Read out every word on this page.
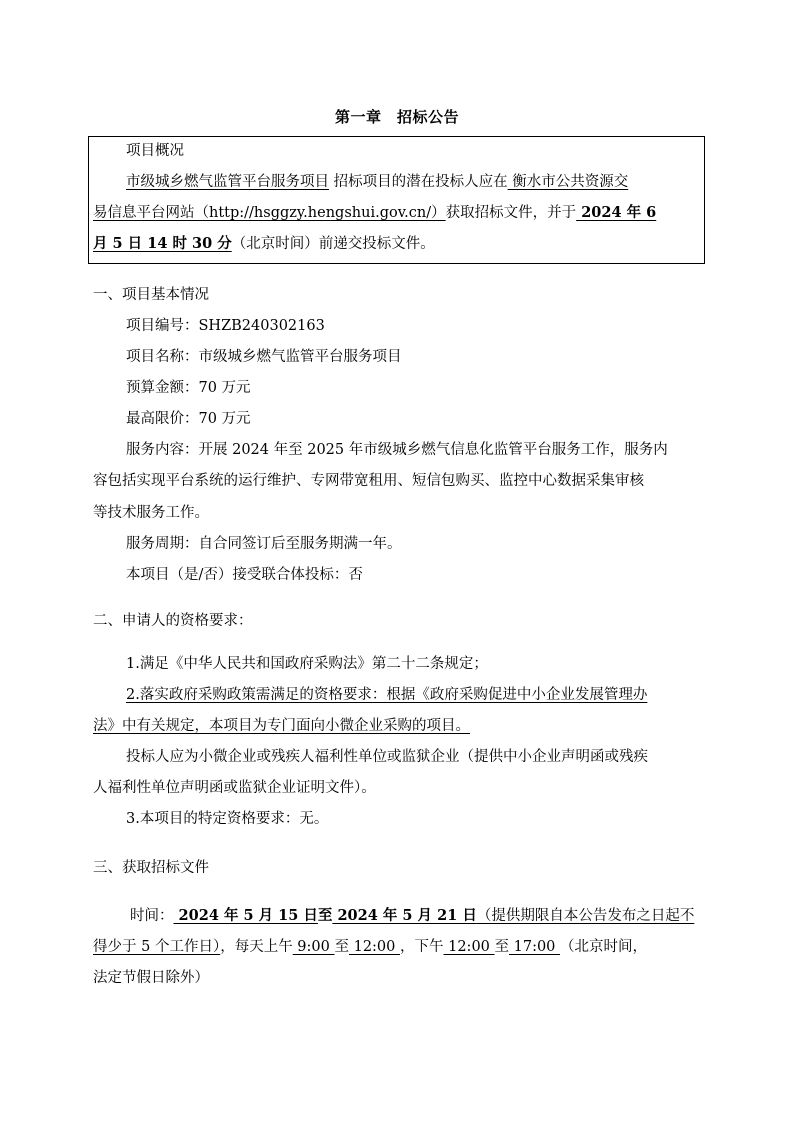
第一章　招标公告
项目概况
市级城乡燃气监管平台服务项目 招标项目的潜在投标人应在 衡水市公共资源交
易信息平台网站（http://hsggzy.hengshui.gov.cn/）获取招标文件，并于 2024 年 6
月 5 日 14 时 30 分（北京时间）前递交投标文件。
一、项目基本情况
项目编号：SHZB240302163
项目名称：市级城乡燃气监管平台服务项目
预算金额：70 万元
最高限价：70 万元
服务内容：开展 2024 年至 2025 年市级城乡燃气信息化监管平台服务工作，服务内
容包括实现平台系统的运行维护、专网带宽租用、短信包购买、监控中心数据采集审核
等技术服务工作。
服务周期：自合同签订后至服务期满一年。
本项目（是/否）接受联合体投标：否
二、申请人的资格要求：
1.满足《中华人民共和国政府采购法》第二十二条规定；
2.落实政府采购政策需满足的资格要求：根据《政府采购促进中小企业发展管理办
法》中有关规定，本项目为专门面向小微企业采购的项目。
投标人应为小微企业或残疾人福利性单位或监狱企业（提供中小企业声明函或残疾
人福利性单位声明函或监狱企业证明文件）。
3.本项目的特定资格要求：无。
三、获取招标文件
时间： 2024 年 5 月 15 日至 2024 年 5 月 21 日（提供期限自本公告发布之日起不
得少于 5 个工作日），每天上午 9:00 至 12:00 ，下午 12:00 至 17:00 （北京时间，
法定节假日除外）
